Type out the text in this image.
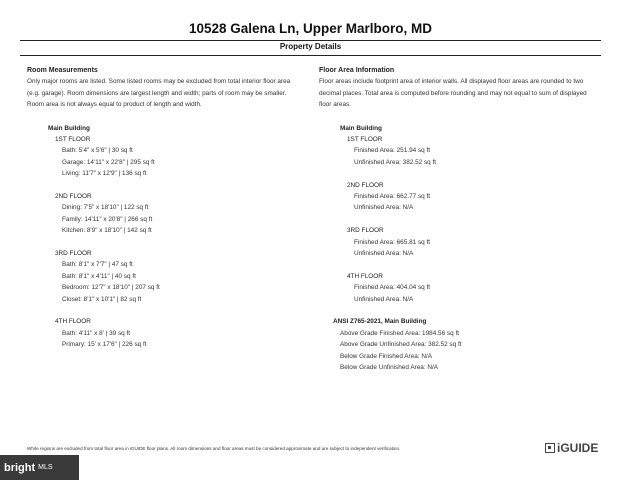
10528 Galena Ln, Upper Marlboro, MD
Property Details
Room Measurements
Only major rooms are listed. Some listed rooms may be excluded from total interior floor area
(e.g. garage). Room dimensions are largest length and width; parts of room may be smaller.
Room area is not always equal to product of length and width.
Main Building
1ST FLOOR
Bath: 5'4" x 5'6" | 30 sq ft
Garage: 14'11" x 22'8" | 295 sq ft
Living: 11'7" x 12'9" | 136 sq ft
2ND FLOOR
Dining: 7'5" x 18'10" | 122 sq ft
Family: 14'11" x 20'8" | 266 sq ft
Kitchen: 8'9" x 18'10" | 142 sq ft
3RD FLOOR
Bath: 8'1" x 7'7" | 47 sq ft
Bath: 8'1" x 4'11" | 40 sq ft
Bedroom: 12'7" x 18'10" | 207 sq ft
Closet: 8'1" x 10'1" | 82 sq ft
4TH FLOOR
Bath: 4'11" x 8' | 39 sq ft
Primary: 15' x 17'6" | 226 sq ft
Floor Area Information
Floor areas include footprint area of interior walls. All displayed floor areas are rounded to two
decimal places. Total area is computed before rounding and may not equal to sum of displayed
floor areas.
Main Building
1ST FLOOR
Finished Area: 251.94 sq ft
Unfinished Area: 382.52 sq ft
2ND FLOOR
Finished Area: 662.77 sq ft
Unfinished Area: N/A
3RD FLOOR
Finished Area: 665.81 sq ft
Unfinished Area: N/A
4TH FLOOR
Finished Area: 404.04 sq ft
Unfinished Area: N/A
ANSI Z765-2021, Main Building
Above Grade Finished Area: 1984.56 sq ft
Above Grade Unfinished Area: 382.52 sq ft
Below Grade Finished Area: N/A
Below Grade Unfinished Area: N/A
White regions are excluded from total floor area in iGUIDE floor plans. All room dimensions and floor areas must be considered approximate and are subject to independent verification.	iGUIDE
bright MLS
